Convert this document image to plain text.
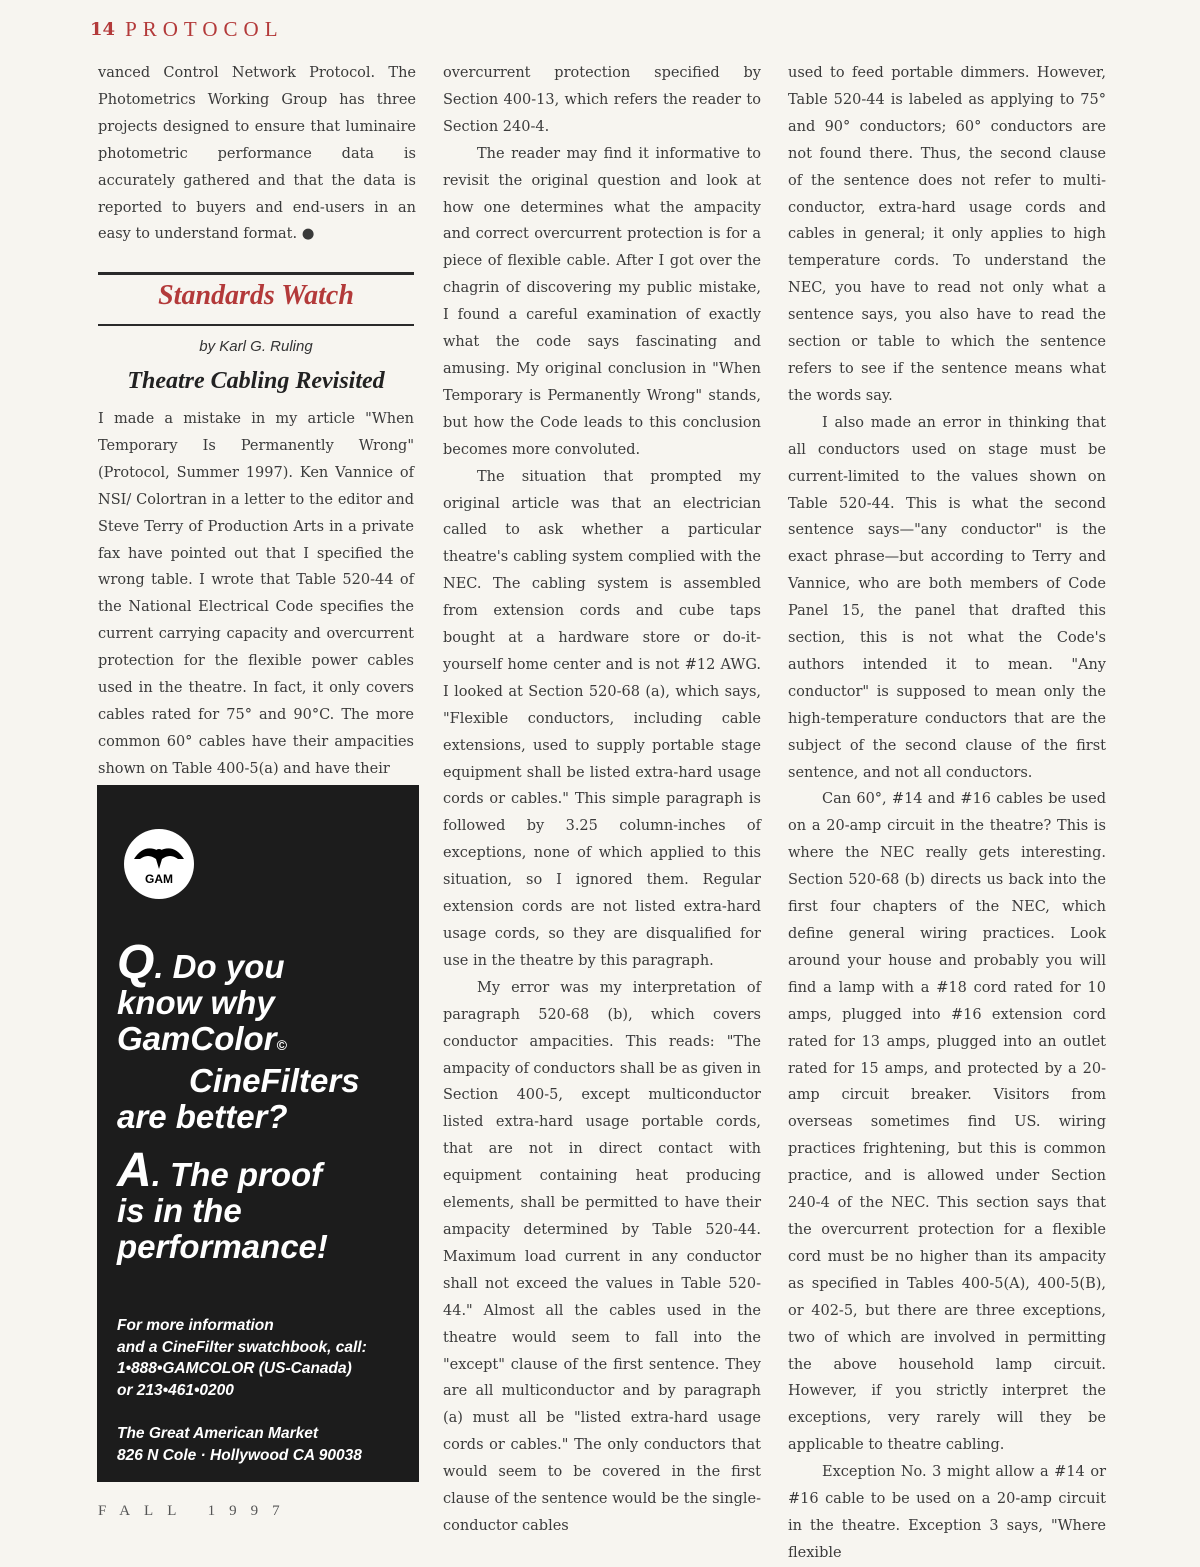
14 PROTOCOL

vanced Control Network Protocol. The Photometrics Working Group has three projects designed to ensure that luminaire photometric performance data is accurately gathered and that the data is reported to buyers and end-users in an easy to understand format. ●

Standards Watch
by Karl G. Ruling
Theatre Cabling Revisited

I made a mistake in my article "When Temporary Is Permanently Wrong" (Protocol, Summer 1997). Ken Vannice of NSI/ Colortran in a letter to the editor and Steve Terry of Production Arts in a private fax have pointed out that I specified the wrong table. I wrote that Table 520-44 of the National Electrical Code specifies the current carrying capacity and overcurrent protection for the flexible power cables used in the theatre. In fact, it only covers cables rated for 75° and 90°C. The more common 60° cables have their ampacities shown on Table 400-5(a) and have their

GAM
Q. Do you
know why
GamColor©

CineFilters
are better?
A. The proof
is in the
performance!
For more information
and a CineFilter swatchbook, call:
1•888•GAMCOLOR (US-Canada)
or 213•461•0200
The Great American Market
826 N Cole · Hollywood CA 90038

overcurrent protection specified by Section 400-13, which refers the reader to Section 240-4.

The reader may find it informative to revisit the original question and look at how one determines what the ampacity and correct overcurrent protection is for a piece of flexible cable. After I got over the chagrin of discovering my public mistake, I found a careful examination of exactly what the code says fascinating and amusing. My original conclusion in "When Temporary is Permanently Wrong" stands, but how the Code leads to this conclusion becomes more convoluted.

The situation that prompted my original article was that an electrician called to ask whether a particular theatre's cabling system complied with the NEC. The cabling system is assembled from extension cords and cube taps bought at a hardware store or do-it-yourself home center and is not #12 AWG. I looked at Section 520-68 (a), which says, "Flexible conductors, including cable extensions, used to supply portable stage equipment shall be listed extra-hard usage cords or cables." This simple paragraph is followed by 3.25 column-inches of exceptions, none of which applied to this situation, so I ignored them. Regular extension cords are not listed extra-hard usage cords, so they are disqualified for use in the theatre by this paragraph.

My error was my interpretation of paragraph 520-68 (b), which covers conductor ampacities. This reads: "The ampacity of conductors shall be as given in Section 400-5, except multiconductor listed extra-hard usage portable cords, that are not in direct contact with equipment containing heat producing elements, shall be permitted to have their ampacity determined by Table 520-44. Maximum load current in any conductor shall not exceed the values in Table 520-44." Almost all the cables used in the theatre would seem to fall into the "except" clause of the first sentence. They are all multiconductor and by paragraph (a) must all be "listed extra-hard usage cords or cables." The only conductors that would seem to be covered in the first clause of the sentence would be the single-conductor cables

used to feed portable dimmers. However, Table 520-44 is labeled as applying to 75° and 90° conductors; 60° conductors are not found there. Thus, the second clause of the sentence does not refer to multi-conductor, extra-hard usage cords and cables in general; it only applies to high temperature cords. To understand the NEC, you have to read not only what a sentence says, you also have to read the section or table to which the sentence refers to see if the sentence means what the words say.

I also made an error in thinking that all conductors used on stage must be current-limited to the values shown on Table 520-44. This is what the second sentence says—"any conductor" is the exact phrase—but according to Terry and Vannice, who are both members of Code Panel 15, the panel that drafted this section, this is not what the Code's authors intended it to mean. "Any conductor" is supposed to mean only the high-temperature conductors that are the subject of the second clause of the first sentence, and not all conductors.

Can 60°, #14 and #16 cables be used on a 20-amp circuit in the theatre? This is where the NEC really gets interesting. Section 520-68 (b) directs us back into the first four chapters of the NEC, which define general wiring practices. Look around your house and probably you will find a lamp with a #18 cord rated for 10 amps, plugged into #16 extension cord rated for 13 amps, plugged into an outlet rated for 15 amps, and protected by a 20-amp circuit breaker. Visitors from overseas sometimes find US. wiring practices frightening, but this is common practice, and is allowed under Section 240-4 of the NEC. This section says that the overcurrent protection for a flexible cord must be no higher than its ampacity as specified in Tables 400-5(A), 400-5(B), or 402-5, but there are three exceptions, two of which are involved in permitting the above household lamp circuit. However, if you strictly interpret the exceptions, very rarely will they be applicable to theatre cabling.

Exception No. 3 might allow a #14 or #16 cable to be used on a 20-amp circuit in the theatre. Exception 3 says, "Where flexible

FALL 1997
